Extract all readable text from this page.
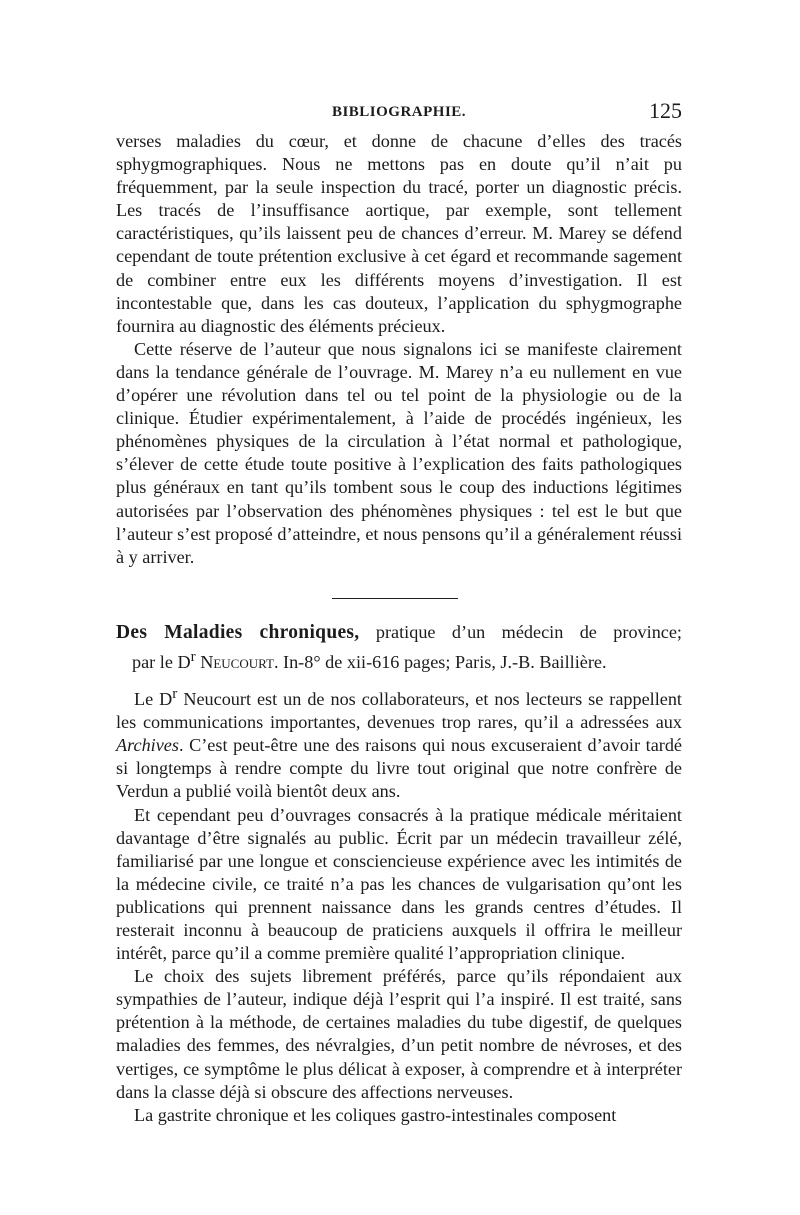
BIBLIOGRAPHIE.	125

verses maladies du cœur, et donne de chacune d’elles des tracés sphygmographiques. Nous ne mettons pas en doute qu’il n’ait pu fréquemment, par la seule inspection du tracé, porter un diagnostic précis. Les tracés de l’insuffisance aortique, par exemple, sont tellement caractéristiques, qu’ils laissent peu de chances d’erreur. M. Marey se défend cependant de toute prétention exclusive à cet égard et recommande sagement de combiner entre eux les différents moyens d’investigation. Il est incontestable que, dans les cas douteux, l’application du sphygmographe fournira au diagnostic des éléments précieux.

Cette réserve de l’auteur que nous signalons ici se manifeste clairement dans la tendance générale de l’ouvrage. M. Marey n’a eu nullement en vue d’opérer une révolution dans tel ou tel point de la physiologie ou de la clinique. Étudier expérimentalement, à l’aide de procédés ingénieux, les phénomènes physiques de la circulation à l’état normal et pathologique, s’élever de cette étude toute positive à l’explication des faits pathologiques plus généraux en tant qu’ils tombent sous le coup des inductions légitimes autorisées par l’observation des phénomènes physiques : tel est le but que l’auteur s’est proposé d’atteindre, et nous pensons qu’il a généralement réussi à y arriver.

Des Maladies chroniques, pratique d’un médecin de province;

par le $D^r$ Neucourt. In-8° de xii-616 pages; Paris, J.-B. Baillière.

Le $D^r$ Neucourt est un de nos collaborateurs, et nos lecteurs se rappellent les communications importantes, devenues trop rares, qu’il a adressées aux Archives. C’est peut-être une des raisons qui nous excuseraient d’avoir tardé si longtemps à rendre compte du livre tout original que notre confrère de Verdun a publié voilà bientôt deux ans.

Et cependant peu d’ouvrages consacrés à la pratique médicale méritaient davantage d’être signalés au public. Écrit par un médecin travailleur zélé, familiarisé par une longue et consciencieuse expérience avec les intimités de la médecine civile, ce traité n’a pas les chances de vulgarisation qu’ont les publications qui prennent naissance dans les grands centres d’études. Il resterait inconnu à beaucoup de praticiens auxquels il offrira le meilleur intérêt, parce qu’il a comme première qualité l’appropriation clinique.

Le choix des sujets librement préférés, parce qu’ils répondaient aux sympathies de l’auteur, indique déjà l’esprit qui l’a inspiré. Il est traité, sans prétention à la méthode, de certaines maladies du tube digestif, de quelques maladies des femmes, des névralgies, d’un petit nombre de névroses, et des vertiges, ce symptôme le plus délicat à exposer, à comprendre et à interpréter dans la classe déjà si obscure des affections nerveuses.

La gastrite chronique et les coliques gastro-intestinales composent
